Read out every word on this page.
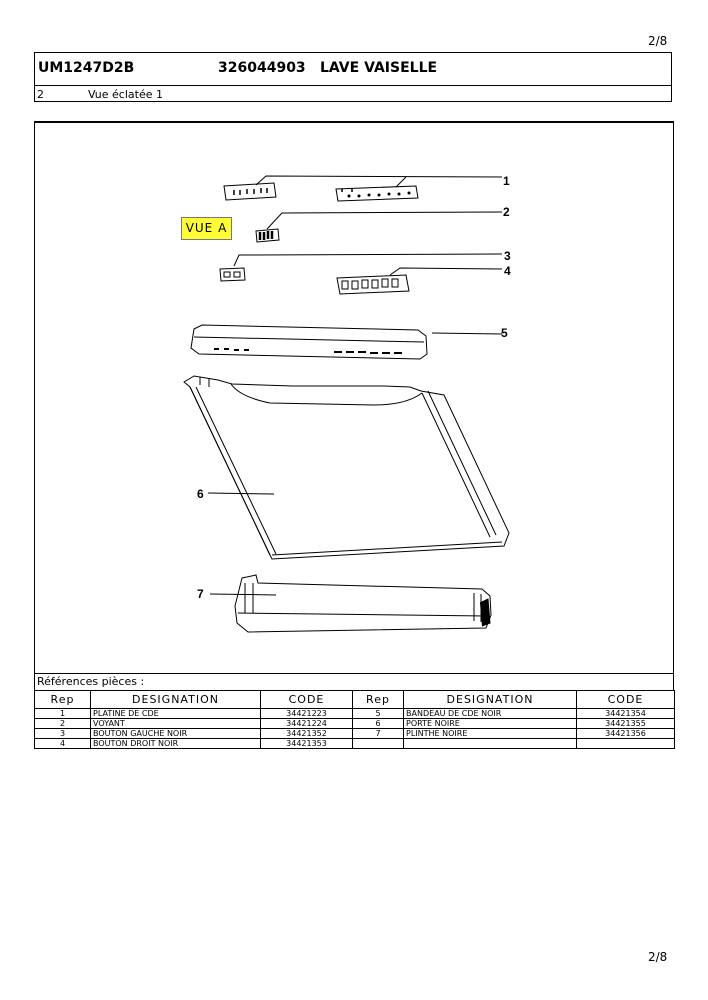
2/8
UM1247D2B	326044903 LAVE VAISELLE
2	Vue éclatée 1
1
2
3
4
5
6
7
VUE A
Références pièces :
Rep	DESIGNATION	CODE	Rep	DESIGNATION	CODE
1	PLATINE DE CDE	34421223	5	BANDEAU DE CDE NOIR	34421354
2	VOYANT	34421224	6	PORTE NOIRE	34421355
3	BOUTON GAUCHE NOIR	34421352	7	PLINTHE NOIRE	34421356
4	BOUTON DROIT NOIR	34421353			
2/8
